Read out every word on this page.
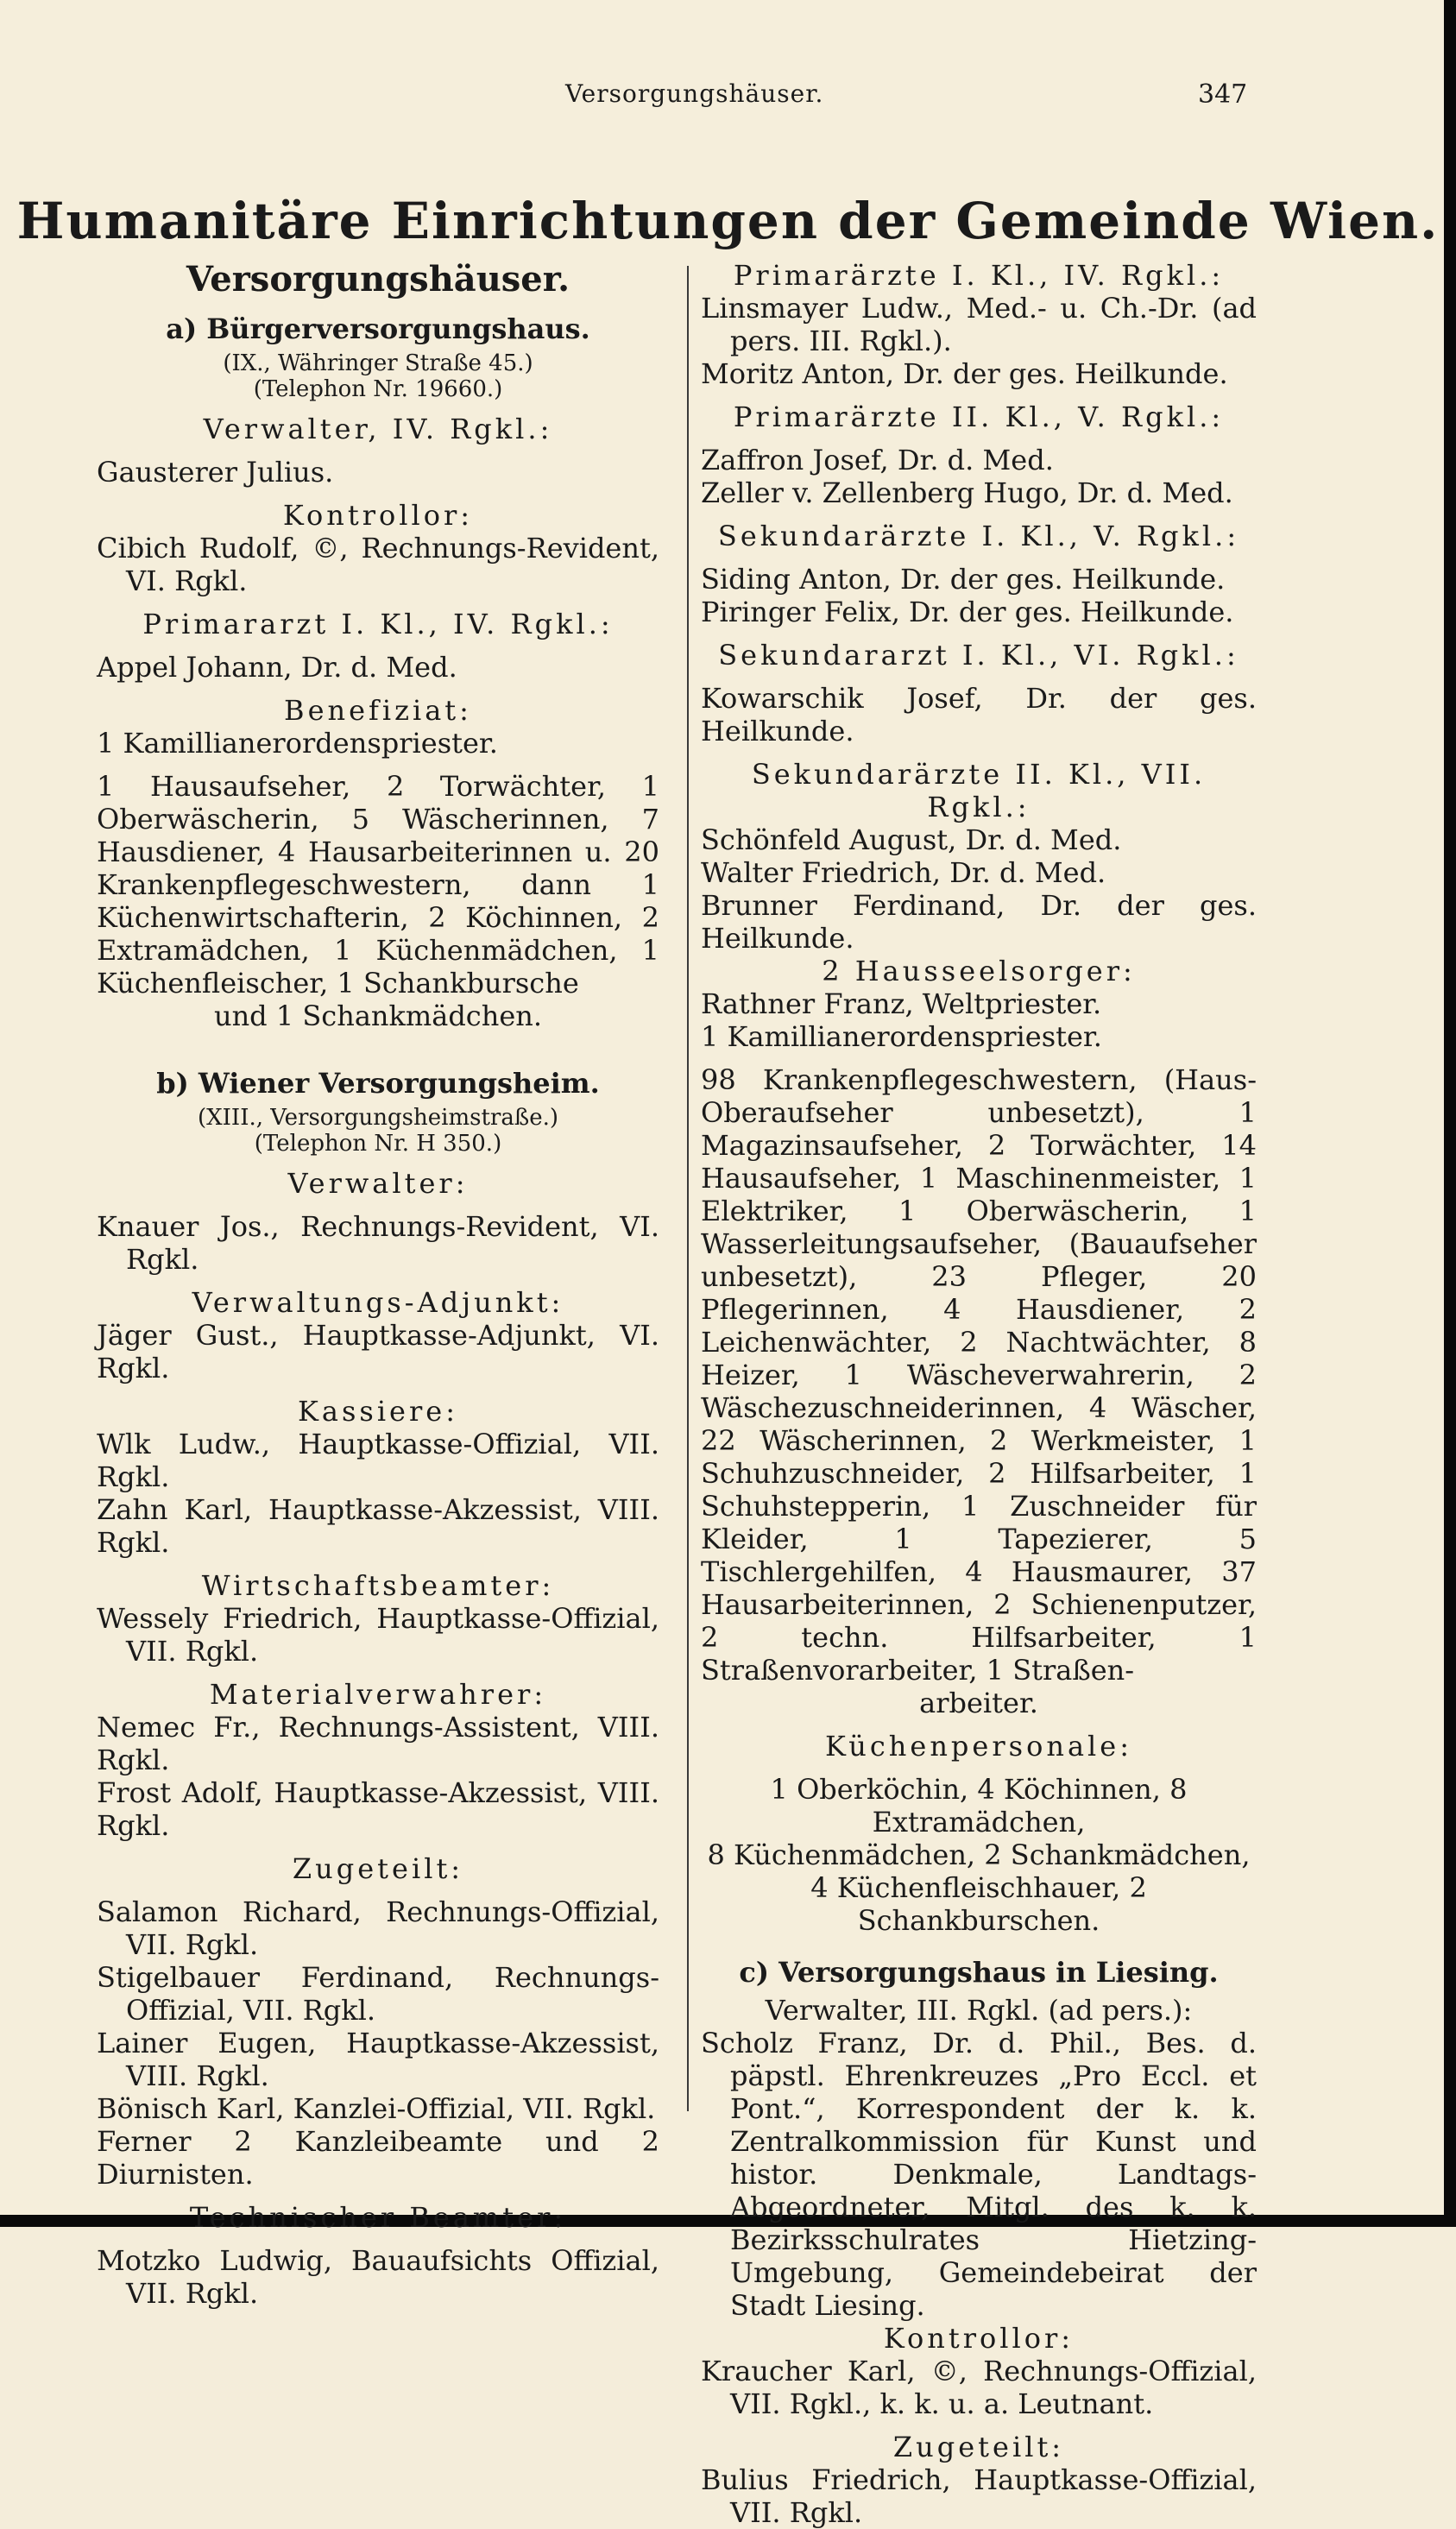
Versorgungshäuser.	347
Humanitäre Einrichtungen der Gemeinde Wien.
Versorgungshäuser.
a) Bürgerversorgungshaus.

(IX., Währinger Straße 45.)

(Telephon Nr. 19660.)

Verwalter, IV. Rgkl.:

Gausterer Julius.

Kontrollor:

Cibich Rudolf, ©, Rechnungs-Revident, VI. Rgkl.

Primararzt I. Kl., IV. Rgkl.:

Appel Johann, Dr. d. Med.

Benefiziat:

1 Kamillianerordenspriester.

1 Hausaufseher, 2 Torwächter, 1 Oberwäscherin, 5 Wäscherinnen, 7 Hausdiener, 4 Hausarbeiterinnen u. 20 Krankenpflegeschwestern, dann 1 Küchenwirtschafterin, 2 Köchinnen, 2 Extramädchen, 1 Küchenmädchen, 1 Küchenfleischer, 1 Schankbursche

und 1 Schankmädchen.

b) Wiener Versorgungsheim.

(XIII., Versorgungsheimstraße.)

(Telephon Nr. H 350.)

Verwalter:

Knauer Jos., Rechnungs-Revident, VI. Rgkl.

Verwaltungs-Adjunkt:

Jäger Gust., Hauptkasse-Adjunkt, VI. Rgkl.

Kassiere:

Wlk Ludw., Hauptkasse-Offizial, VII. Rgkl.

Zahn Karl, Hauptkasse-Akzessist, VIII. Rgkl.

Wirtschaftsbeamter:

Wessely Friedrich, Hauptkasse-Offizial, VII. Rgkl.

Materialverwahrer:

Nemec Fr., Rechnungs-Assistent, VIII. Rgkl.

Frost Adolf, Hauptkasse-Akzessist, VIII. Rgkl.

Zugeteilt:

Salamon Richard, Rechnungs-Offizial, VII. Rgkl.

Stigelbauer Ferdinand, Rechnungs-Offizial, VII. Rgkl.

Lainer Eugen, Hauptkasse-Akzessist, VIII. Rgkl.

Bönisch Karl, Kanzlei-Offizial, VII. Rgkl.

Ferner 2 Kanzleibeamte und 2 Diurnisten.

Technischer Beamter:

Motzko Ludwig, Bauaufsichts Offizial, VII. Rgkl.

Primarärzte I. Kl., IV. Rgkl.:

Linsmayer Ludw., Med.- u. Ch.-Dr. (ad pers. III. Rgkl.).

Moritz Anton, Dr. der ges. Heilkunde.

Primarärzte II. Kl., V. Rgkl.:

Zaffron Josef, Dr. d. Med.

Zeller v. Zellenberg Hugo, Dr. d. Med.

Sekundarärzte I. Kl., V. Rgkl.:

Siding Anton, Dr. der ges. Heilkunde.

Piringer Felix, Dr. der ges. Heilkunde.

Sekundararzt I. Kl., VI. Rgkl.:

Kowarschik Josef, Dr. der ges. Heilkunde.

Sekundarärzte II. Kl., VII. Rgkl.:

Schönfeld August, Dr. d. Med.

Walter Friedrich, Dr. d. Med.

Brunner Ferdinand, Dr. der ges. Heilkunde.

2 Hausseelsorger:

Rathner Franz, Weltpriester.

1 Kamillianerordenspriester.

98 Krankenpflegeschwestern, (Haus-Oberaufseher unbesetzt), 1 Magazinsaufseher, 2 Torwächter, 14 Hausaufseher, 1 Maschinenmeister, 1 Elektriker, 1 Oberwäscherin, 1 Wasserleitungsaufseher, (Bauaufseher unbesetzt), 23 Pfleger, 20 Pflegerinnen, 4 Hausdiener, 2 Leichenwächter, 2 Nachtwächter, 8 Heizer, 1 Wäscheverwahrerin, 2 Wäschezuschneiderinnen, 4 Wäscher, 22 Wäscherinnen, 2 Werkmeister, 1 Schuhzuschneider, 2 Hilfsarbeiter, 1 Schuhstepperin, 1 Zuschneider für Kleider, 1 Tapezierer, 5 Tischlergehilfen, 4 Hausmaurer, 37 Hausarbeiterinnen, 2 Schienenputzer, 2 techn. Hilfsarbeiter, 1 Straßenvorarbeiter, 1 Straßen-

arbeiter.

Küchenpersonale:

1 Oberköchin, 4 Köchinnen, 8 Extramädchen,

8 Küchenmädchen, 2 Schankmädchen,

4 Küchenfleischhauer, 2 Schankburschen.

c) Versorgungshaus in Liesing.

Verwalter, III. Rgkl. (ad pers.):

Scholz Franz, Dr. d. Phil., Bes. d. päpstl. Ehrenkreuzes „Pro Eccl. et Pont.“, Korrespondent der k. k. Zentralkommission für Kunst und histor. Denkmale, Landtags-Abgeordneter, Mitgl. des k. k. Bezirksschulrates Hietzing-Umgebung, Gemeindebeirat der Stadt Liesing.

Kontrollor:

Kraucher Karl, ©, Rechnungs-Offizial, VII. Rgkl., k. k. u. a. Leutnant.

Zugeteilt:

Bulius Friedrich, Hauptkasse-Offizial, VII. Rgkl.
